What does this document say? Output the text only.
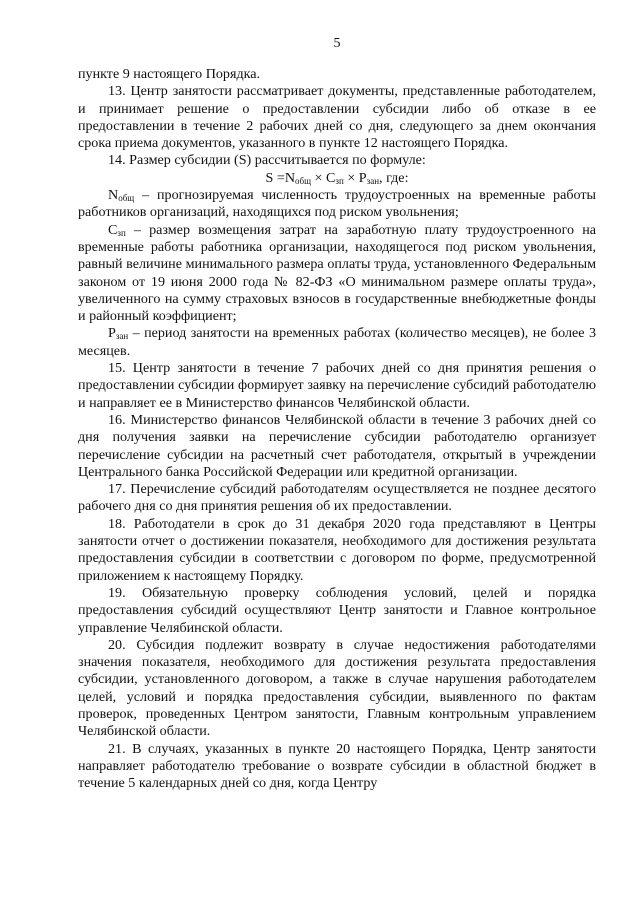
5

пункте 9 настоящего Порядка.

13. Центр занятости рассматривает документы, представленные работодателем, и принимает решение о предоставлении субсидии либо об отказе в ее предоставлении в течение 2 рабочих дней со дня, следующего за днем окончания срока приема документов, указанного в пункте 12 настоящего Порядка.

14. Размер субсидии (S) рассчитывается по формуле:

$S =N_{общ} \times C_{зп} \times P_{зан}$, где:

$N_{общ}$ – прогнозируемая численность трудоустроенных на временные работы работников организаций, находящихся под риском увольнения;

$C_{зп}$ – размер возмещения затрат на заработную плату трудоустроенного на временные работы работника организации, находящегося под риском увольнения, равный величине минимального размера оплаты труда, установленного Федеральным законом от 19 июня 2000 года № 82-ФЗ «О минимальном размере оплаты труда», увеличенного на сумму страховых взносов в государственные внебюджетные фонды и районный коэффициент;

$P_{зан}$ – период занятости на временных работах (количество месяцев), не более 3 месяцев.

15. Центр занятости в течение 7 рабочих дней со дня принятия решения о предоставлении субсидии формирует заявку на перечисление субсидий работодателю и направляет ее в Министерство финансов Челябинской области.

16. Министерство финансов Челябинской области в течение 3 рабочих дней со дня получения заявки на перечисление субсидии работодателю организует перечисление субсидии на расчетный счет работодателя, открытый в учреждении Центрального банка Российской Федерации или кредитной организации.

17. Перечисление субсидий работодателям осуществляется не позднее десятого рабочего дня со дня принятия решения об их предоставлении.

18. Работодатели в срок до 31 декабря 2020 года представляют в Центры занятости отчет о достижении показателя, необходимого для достижения результата предоставления субсидии в соответствии с договором по форме, предусмотренной приложением к настоящему Порядку.

19. Обязательную проверку соблюдения условий, целей и порядка предоставления субсидий осуществляют Центр занятости и Главное контрольное управление Челябинской области.

20. Субсидия подлежит возврату в случае недостижения работодателями значения показателя, необходимого для достижения результата предоставления субсидии, установленного договором, а также в случае нарушения работодателем целей, условий и порядка предоставления субсидии, выявленного по фактам проверок, проведенных Центром занятости, Главным контрольным управлением Челябинской области.

21. В случаях, указанных в пункте 20 настоящего Порядка, Центр занятости направляет работодателю требование о возврате субсидии в областной бюджет в течение 5 календарных дней со дня, когда Центру
